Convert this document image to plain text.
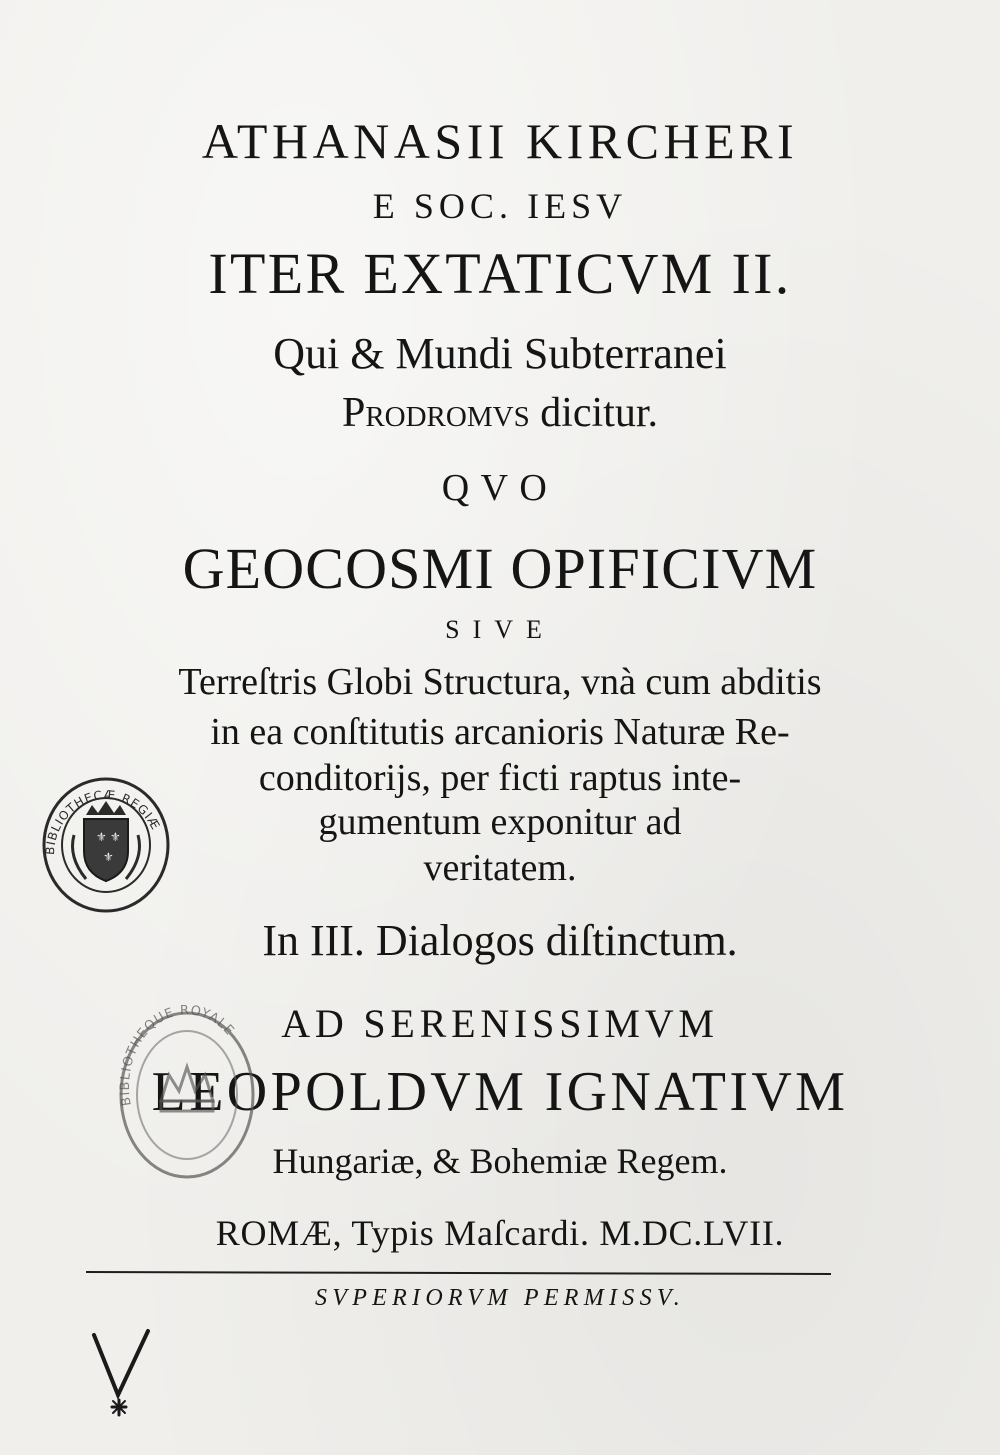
ATHANASII KIRCHERI
E SOC. IESV
ITER EXTATICVM II.
Qui & Mundi Subterranei
Prodromvs dicitur.
QVO
GEOCOSMI OPIFICIVM
SIVE
Terreſtris Globi Structura, vnà cum abditis
in ea conſtitutis arcanioris Naturæ Re-
conditorijs, per ficti raptus inte-
gumentum exponitur ad
veritatem.
In III. Dialogos diſtinctum.
AD SERENISSIMVM
LEOPOLDVM IGNATIVM
Hungariæ, & Bohemiæ Regem.
ROMÆ, Typis Maſcardi. M.DC.LVII.
SVPERIORVM PERMISSV.
BIBLIOTHECÆ REGIÆ
⚜ ⚜
⚜
BIBLIOTHEQUE ROYALE
